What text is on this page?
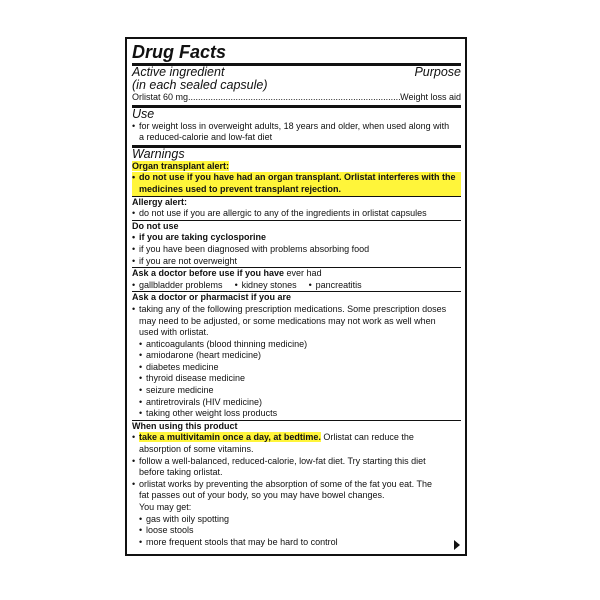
Drug Facts
Active ingredient
(in each sealed capsule)
Purpose
Orlistat 60 mg .....	Weight loss aid
Use
• for weight loss in overweight adults, 18 years and older, when used along with
a reduced-calorie and low-fat diet
Warnings
Organ transplant alert:
• do not use if you have had an organ transplant. Orlistat interferes with the
medicines used to prevent transplant rejection.
Allergy alert:
• do not use if you are allergic to any of the ingredients in orlistat capsules
Do not use
• if you are taking cyclosporine
• if you have been diagnosed with problems absorbing food
• if you are not overweight
Ask a doctor before use if you have ever had
• gallbladder problems	• kidney stones	• pancreatitis
Ask a doctor or pharmacist if you are
• taking any of the following prescription medications. Some prescription doses
may need to be adjusted, or some medications may not work as well when
used with orlistat.
• anticoagulants (blood thinning medicine)
• amiodarone (heart medicine)
• diabetes medicine
• thyroid disease medicine
• seizure medicine
• antiretrovirals (HIV medicine)
• taking other weight loss products
When using this product
• take a multivitamin once a day, at bedtime. Orlistat can reduce the
absorption of some vitamins.
• follow a well-balanced, reduced-calorie, low-fat diet. Try starting this diet
before taking orlistat.
• orlistat works by preventing the absorption of some of the fat you eat. The
fat passes out of your body, so you may have bowel changes.
You may get:
• gas with oily spotting
• loose stools
• more frequent stools that may be hard to control
